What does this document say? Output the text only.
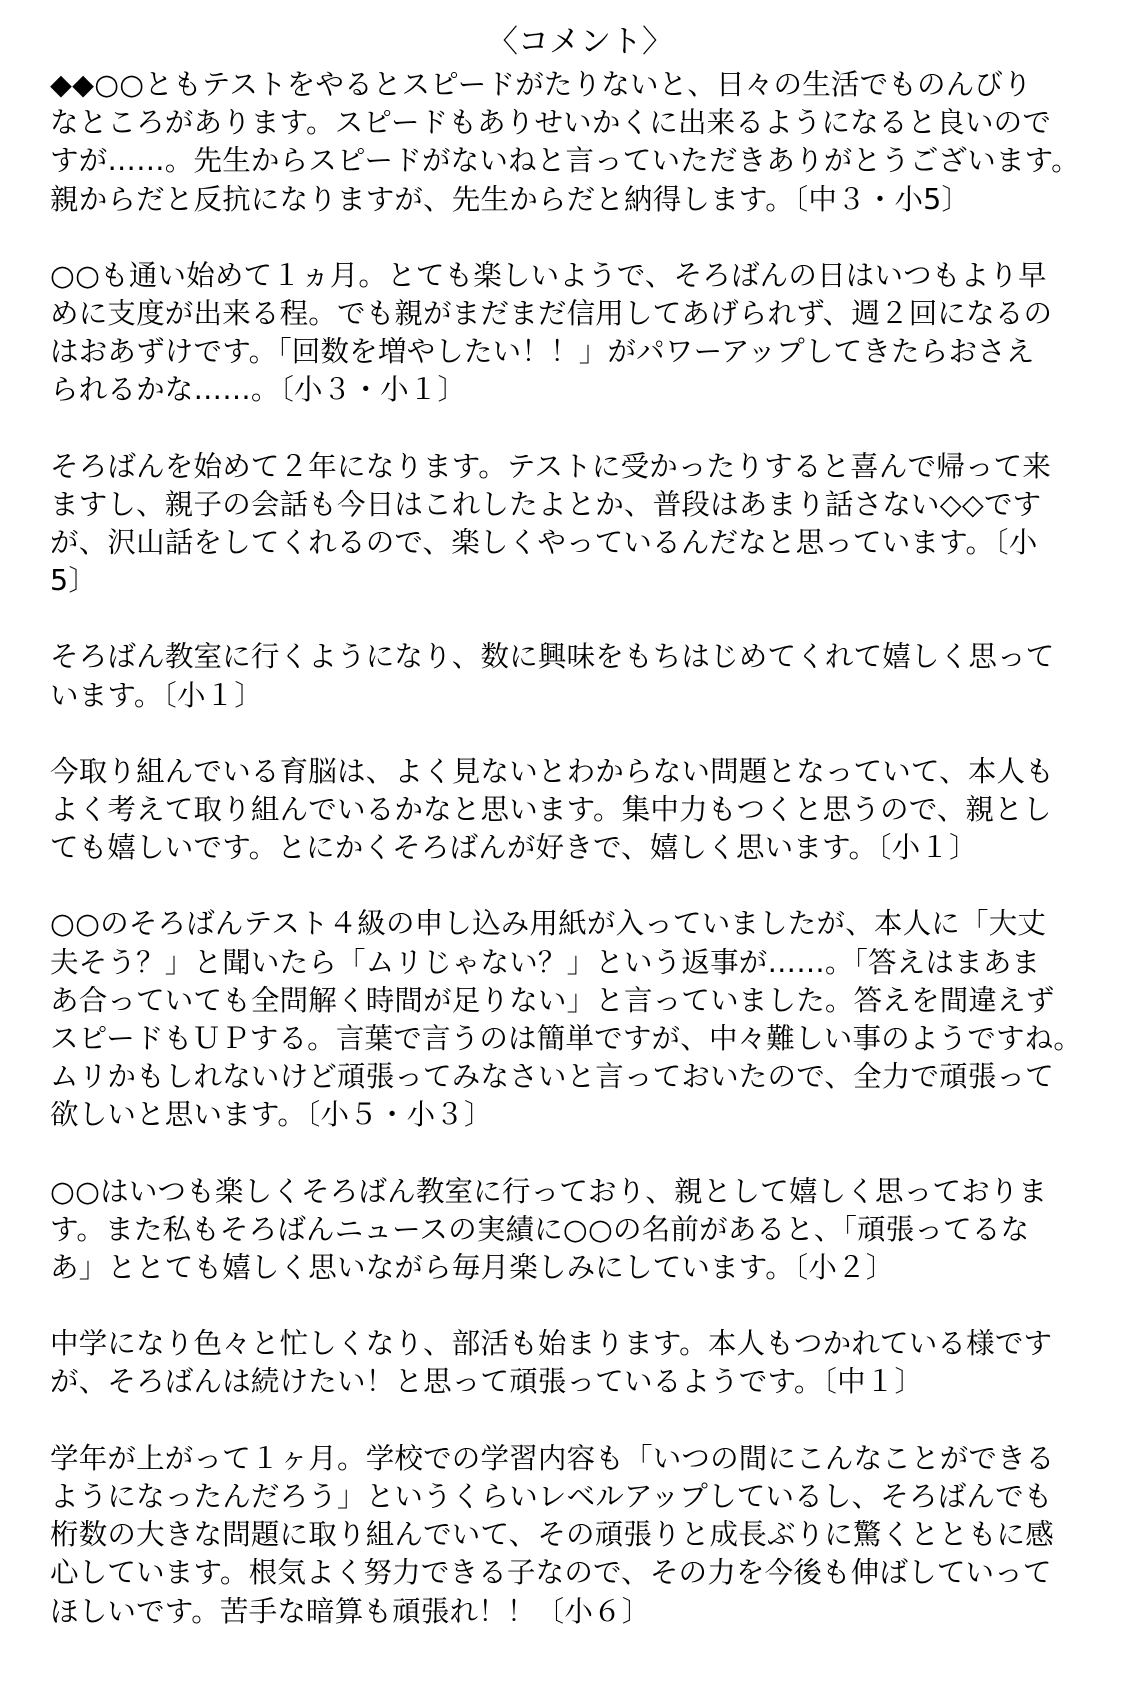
〈コメント〉

◆◆○○ともテストをやるとスピードがたりないと、日々の生活でものんびり
なところがあります。スピードもありせいかくに出来るようになると良いので
すが……。先生からスピードがないねと言っていただきありがとうございます。
親からだと反抗になりますが、先生からだと納得します。〔中３・小5〕

○○も通い始めて１ヵ月。とても楽しいようで、そろばんの日はいつもより早
めに支度が出来る程。でも親がまだまだ信用してあげられず、週２回になるの
はおあずけです。「回数を増やしたい！！」がパワーアップしてきたらおさえ
られるかな……。〔小３・小１〕

そろばんを始めて２年になります。テストに受かったりすると喜んで帰って来
ますし、親子の会話も今日はこれしたよとか、普段はあまり話さない◇◇です
が、沢山話をしてくれるので、楽しくやっているんだなと思っています。〔小
5〕

そろばん教室に行くようになり、数に興味をもちはじめてくれて嬉しく思って
います。〔小１〕

今取り組んでいる育脳は、よく見ないとわからない問題となっていて、本人も
よく考えて取り組んでいるかなと思います。集中力もつくと思うので、親とし
ても嬉しいです。とにかくそろばんが好きで、嬉しく思います。〔小１〕

○○のそろばんテスト４級の申し込み用紙が入っていましたが、本人に「大丈
夫そう？」と聞いたら「ムリじゃない？」という返事が……。「答えはまあま
あ合っていても全問解く時間が足りない」と言っていました。答えを間違えず
スピードもＵＰする。言葉で言うのは簡単ですが、中々難しい事のようですね。
ムリかもしれないけど頑張ってみなさいと言っておいたので、全力で頑張って
欲しいと思います。〔小５・小３〕

○○はいつも楽しくそろばん教室に行っており、親として嬉しく思っておりま
す。また私もそろばんニュースの実績に○○の名前があると、「頑張ってるな
あ」ととても嬉しく思いながら毎月楽しみにしています。〔小２〕

中学になり色々と忙しくなり、部活も始まります。本人もつかれている様です
が、そろばんは続けたい！と思って頑張っているようです。〔中１〕

学年が上がって１ヶ月。学校での学習内容も「いつの間にこんなことができる
ようになったんだろう」というくらいレベルアップしているし、そろばんでも
桁数の大きな問題に取り組んでいて、その頑張りと成長ぶりに驚くとともに感
心しています。根気よく努力できる子なので、その力を今後も伸ばしていって
ほしいです。苦手な暗算も頑張れ！！〔小６〕
